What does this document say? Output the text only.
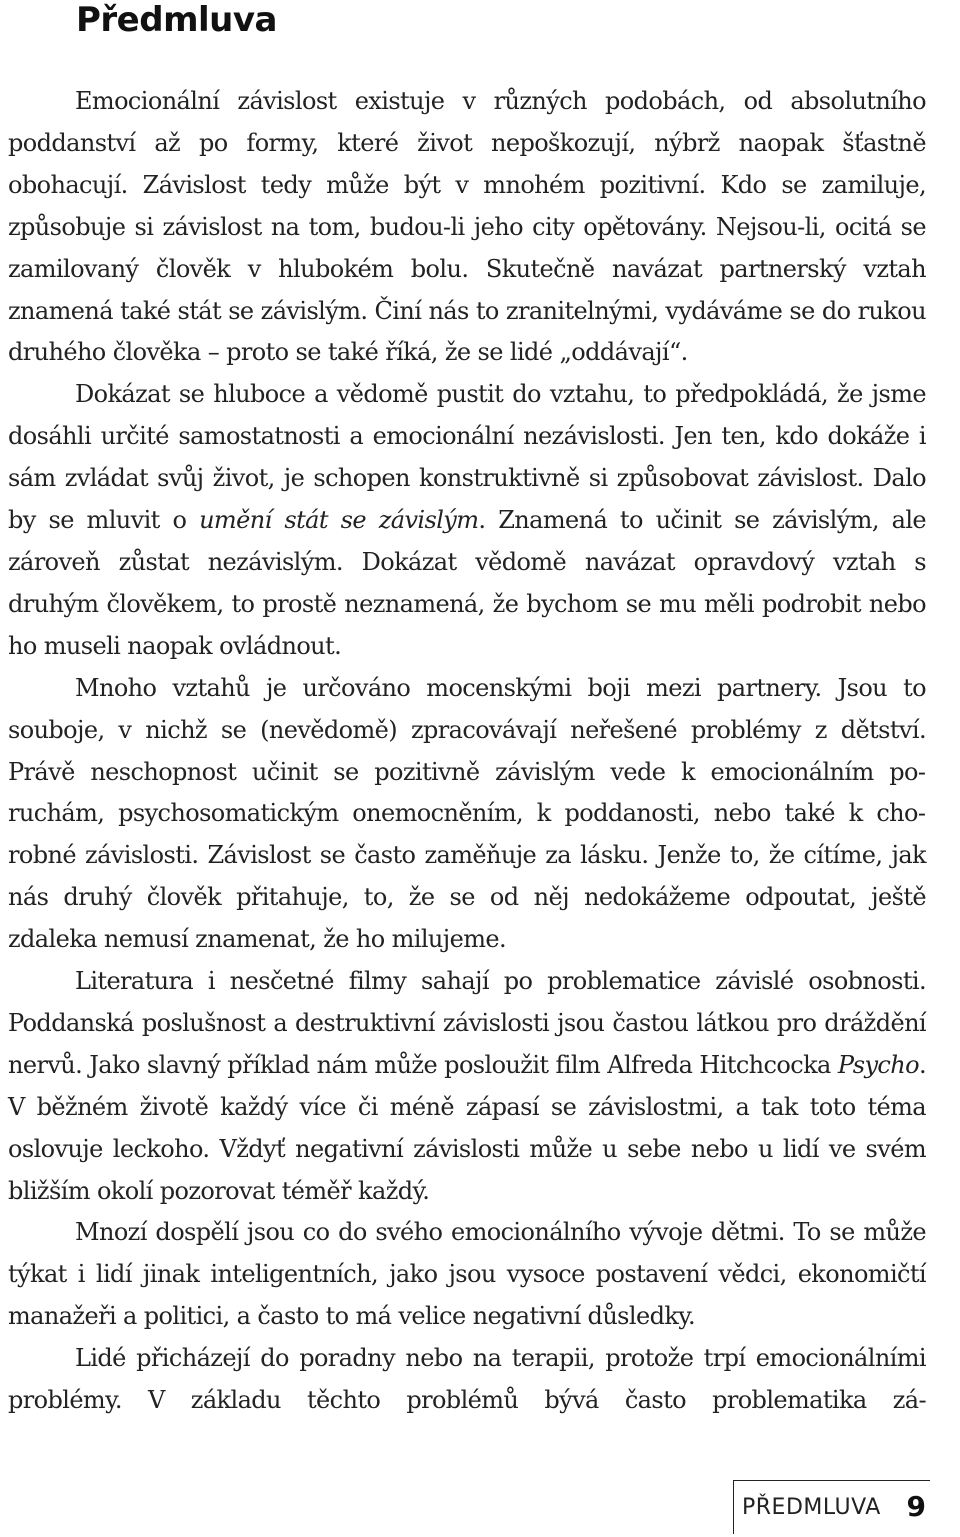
Předmluva

Emocionální závislost existuje v různých podobách, od absolutního poddanství až po formy, které život nepoškozují, nýbrž naopak šťastně obohacují. Závislost tedy může být v mnohém pozitivní. Kdo se zamiluje, způsobuje si závislost na tom, budou-li jeho city opětovány. Nejsou-li, ocitá se zamilovaný člověk v hlubokém bolu. Skutečně navázat partnerský vztah znamená také stát se závislým. Činí nás to zranitelnými, vydáváme se do rukou druhého člověka – proto se také říká, že se lidé „oddávají“.

Dokázat se hluboce a vědomě pustit do vztahu, to předpokládá, že jsme dosáhli určité samostatnosti a emocionální nezávislosti. Jen ten, kdo dokáže i sám zvládat svůj život, je schopen konstruktivně si způsobovat závislost. Dalo by se mluvit o umění stát se závislým. Znamená to učinit se závislým, ale zároveň zůstat nezávislým. Dokázat vědomě navázat opravdový vztah s druhým člověkem, to prostě neznamená, že bychom se mu měli podrobit nebo ho museli naopak ovládnout.

Mnoho vztahů je určováno mocenskými boji mezi partnery. Jsou to souboje, v nichž se (nevědomě) zpracovávají neřešené problémy z dětství. Právě neschopnost učinit se pozitivně závislým vede k emocionálním poruchám, psychosomatickým onemocněním, k poddanosti, nebo také k chorobné závislosti. Závislost se často zaměňuje za lásku. Jenže to, že cítíme, jak nás druhý člověk přitahuje, to, že se od něj nedokážeme odpoutat, ještě zdaleka nemusí znamenat, že ho milujeme.

Literatura i nesčetné filmy sahají po problematice závislé osobnosti. Poddanská poslušnost a destruktivní závislosti jsou častou látkou pro dráždění nervů. Jako slavný příklad nám může posloužit film Alfreda Hitchcocka Psycho. V běžném životě každý více či méně zápasí se závislostmi, a tak toto téma oslovuje leckoho. Vždyť negativní závislosti může u sebe nebo u lidí ve svém bližším okolí pozorovat téměř každý.

Mnozí dospělí jsou co do svého emocionálního vývoje dětmi. To se může týkat i lidí jinak inteligentních, jako jsou vysoce postavení vědci, ekonomičtí manažeři a politici, a často to má velice negativní důsledky.

Lidé přicházejí do poradny nebo na terapii, protože trpí emocionálními problémy. V základu těchto problémů bývá často problematika zá-

PŘEDMLUVA 9
